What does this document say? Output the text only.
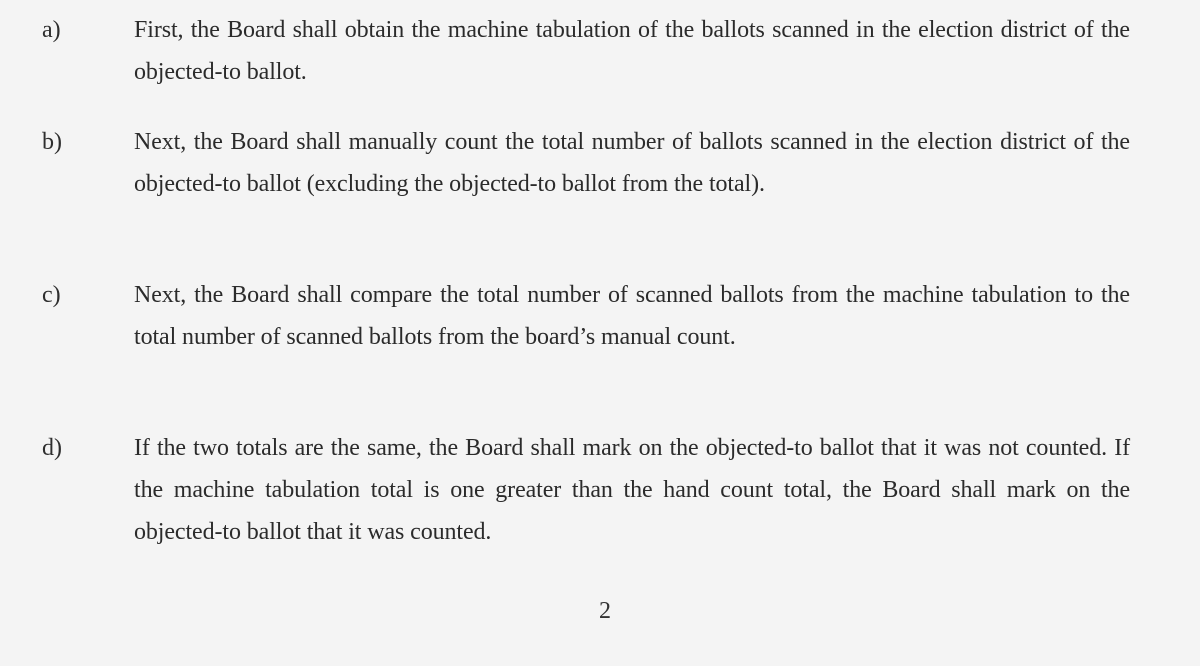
a)	First, the Board shall obtain the machine tabulation of the ballots scanned in the election district of the objected-to ballot.
b)	Next, the Board shall manually count the total number of ballots scanned in the election district of the objected-to ballot (excluding the objected-to ballot from the total).
c)	Next, the Board shall compare the total number of scanned ballots from the machine tabulation to the total number of scanned ballots from the board’s manual count.
d)	If the two totals are the same, the Board shall mark on the objected-to ballot that it was not counted. If the machine tabulation total is one greater than the hand count total, the Board shall mark on the objected-to ballot that it was counted.
2
